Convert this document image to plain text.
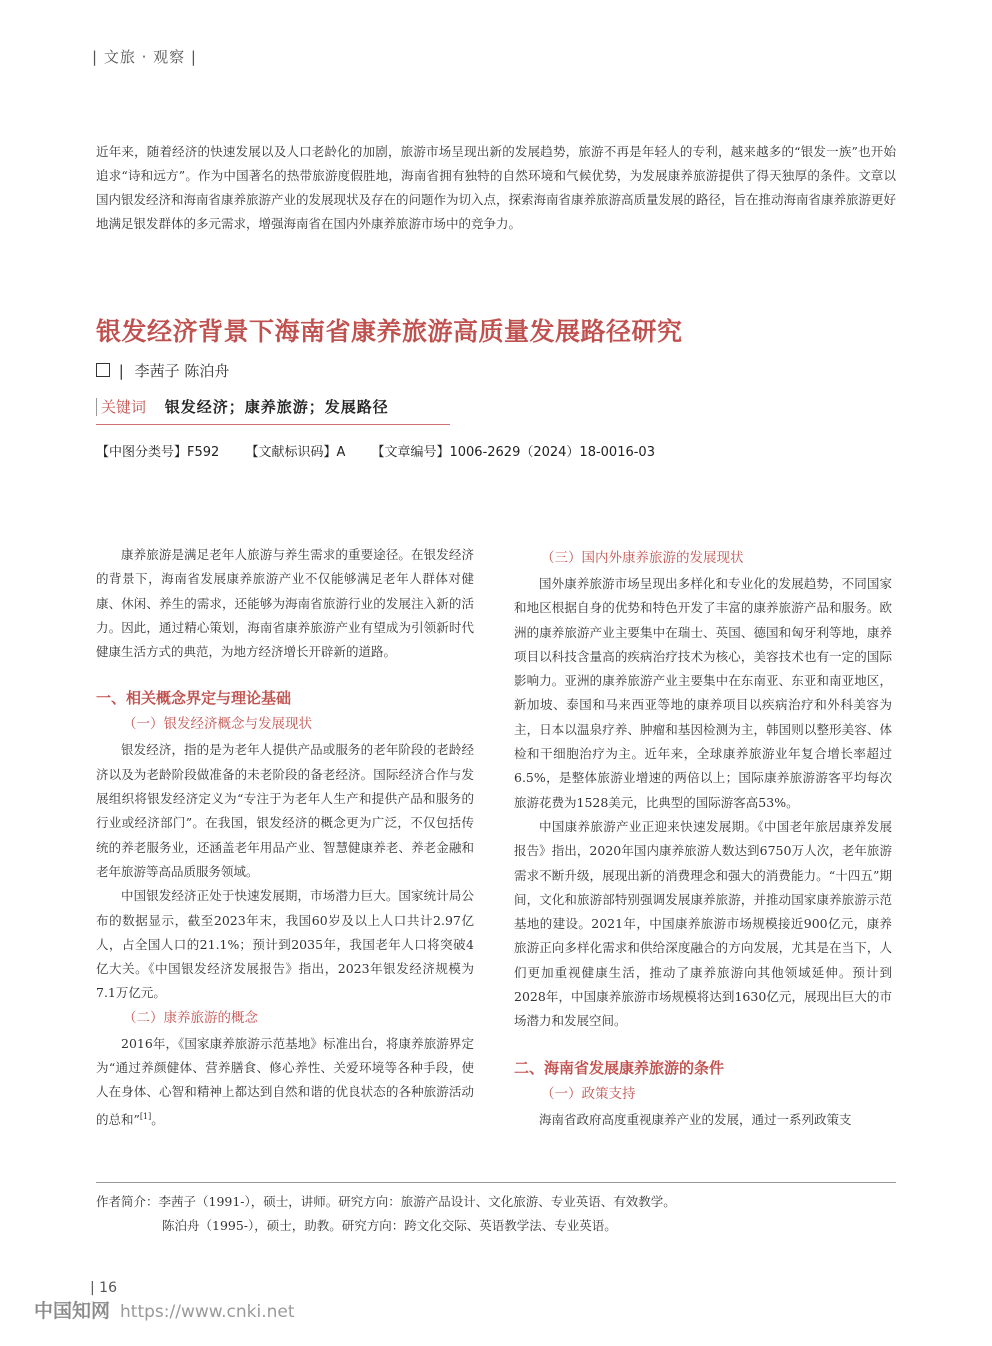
| 文旅 · 观察 |
近年来，随着经济的快速发展以及人口老龄化的加剧，旅游市场呈现出新的发展趋势，旅游不再是年轻人的专利，越来越多的“银发一族”也开始追求“诗和远方”。作为中国著名的热带旅游度假胜地，海南省拥有独特的自然环境和气候优势，为发展康养旅游提供了得天独厚的条件。文章以国内银发经济和海南省康养旅游产业的发展现状及存在的问题作为切入点，探索海南省康养旅游高质量发展的路径，旨在推动海南省康养旅游更好地满足银发群体的多元需求，增强海南省在国内外康养旅游市场中的竞争力。
银发经济背景下海南省康养旅游高质量发展路径研究
| 李茜子 陈泊舟
关键词 银发经济；康养旅游；发展路径
【中图分类号】F592 【文献标识码】A 【文章编号】1006-2629（2024）18-0016-03

康养旅游是满足老年人旅游与养生需求的重要途径。在银发经济的背景下，海南省发展康养旅游产业不仅能够满足老年人群体对健康、休闲、养生的需求，还能够为海南省旅游行业的发展注入新的活力。因此，通过精心策划，海南省康养旅游产业有望成为引领新时代健康生活方式的典范，为地方经济增长开辟新的道路。

一、相关概念界定与理论基础
（一）银发经济概念与发展现状

银发经济，指的是为老年人提供产品或服务的老年阶段的老龄经济以及为老龄阶段做准备的未老阶段的备老经济。国际经济合作与发展组织将银发经济定义为“专注于为老年人生产和提供产品和服务的行业或经济部门”。在我国，银发经济的概念更为广泛，不仅包括传统的养老服务业，还涵盖老年用品产业、智慧健康养老、养老金融和老年旅游等高品质服务领域。

中国银发经济正处于快速发展期，市场潜力巨大。国家统计局公布的数据显示，截至2023年末，我国60岁及以上人口共计2.97亿人，占全国人口的21.1%；预计到2035年，我国老年人口将突破4亿大关。《中国银发经济发展报告》指出，2023年银发经济规模为7.1万亿元。

（二）康养旅游的概念

2016年，《国家康养旅游示范基地》标准出台，将康养旅游界定为“通过养颜健体、营养膳食、修心养性、关爱环境等各种手段，使人在身体、心智和精神上都达到自然和谐的优良状态的各种旅游活动的总和”[1]。

（三）国内外康养旅游的发展现状

国外康养旅游市场呈现出多样化和专业化的发展趋势，不同国家和地区根据自身的优势和特色开发了丰富的康养旅游产品和服务。欧洲的康养旅游产业主要集中在瑞士、英国、德国和匈牙利等地，康养项目以科技含量高的疾病治疗技术为核心，美容技术也有一定的国际影响力。亚洲的康养旅游产业主要集中在东南亚、东亚和南亚地区，新加坡、泰国和马来西亚等地的康养项目以疾病治疗和外科美容为主，日本以温泉疗养、肿瘤和基因检测为主，韩国则以整形美容、体检和干细胞治疗为主。近年来，全球康养旅游业年复合增长率超过6.5%，是整体旅游业增速的两倍以上；国际康养旅游游客平均每次旅游花费为1528美元，比典型的国际游客高53%。

中国康养旅游产业正迎来快速发展期。《中国老年旅居康养发展报告》指出，2020年国内康养旅游人数达到6750万人次，老年旅游需求不断升级，展现出新的消费理念和强大的消费能力。“十四五”期间，文化和旅游部特别强调发展康养旅游，并推动国家康养旅游示范基地的建设。2021年，中国康养旅游市场规模接近900亿元，康养旅游正向多样化需求和供给深度融合的方向发展，尤其是在当下，人们更加重视健康生活，推动了康养旅游向其他领域延伸。预计到2028年，中国康养旅游市场规模将达到1630亿元，展现出巨大的市场潜力和发展空间。

二、海南省发展康养旅游的条件
（一）政策支持

海南省政府高度重视康养产业的发展，通过一系列政策支

作者简介：李茜子（1991-），硕士，讲师。研究方向：旅游产品设计、文化旅游、专业英语、有效教学。
陈泊舟（1995-），硕士，助教。研究方向：跨文化交际、英语教学法、专业英语。
| 16
中国知网 https://www.cnki.net
